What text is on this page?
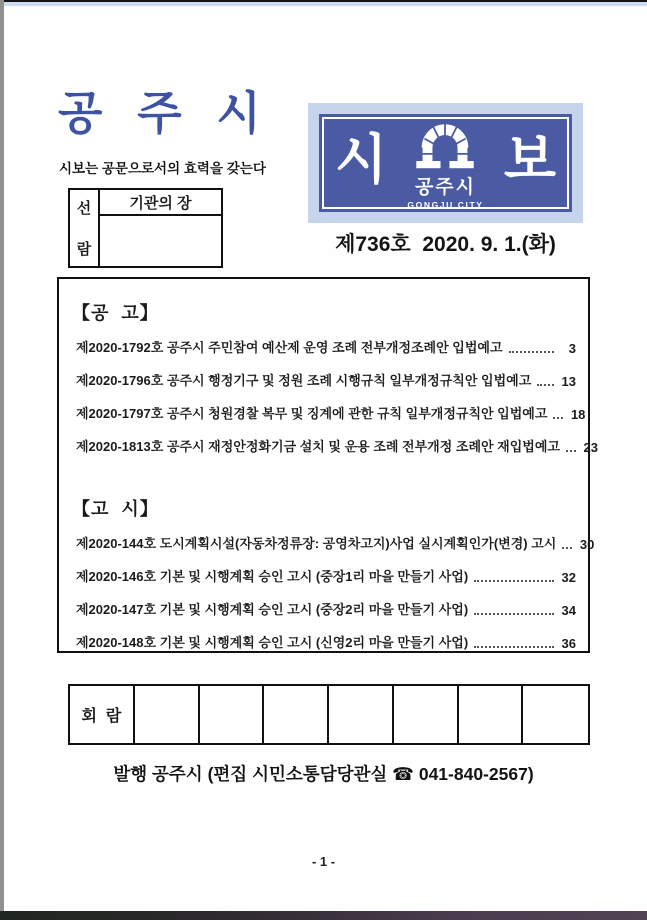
공 주 시
시보는 공문으로서의 효력을 갖는다
선
람
기관의 장
시 공주시
GONGJU CITY
보
제736호  2020. 9. 1.(화)
【공  고】
제2020-1792호 공주시 주민참여 예산제 운영 조례 전부개정조례안 입법예고	3
제2020-1796호 공주시 행정기구 및 정원 조례 시행규칙 일부개정규칙안 입법예고 13
제2020-1797호 공주시 청원경찰 복무 및 징계에 관한 규칙 일부개정규칙안 입법예고 18
제2020-1813호 공주시 재정안정화기금 설치 및 운용 조례 전부개정 조례안 재입법예고 23
【고  시】
제2020-144호 도시계획시설(자동차정류장: 공영차고지)사업 실시계획인가(변경) 고시 30
제2020-146호 기본 및 시행계획 승인 고시 (중장1리 마을 만들기 사업)	32
제2020-147호 기본 및 시행계획 승인 고시 (중장2리 마을 만들기 사업)	34
제2020-148호 기본 및 시행계획 승인 고시 (신영2리 마을 만들기 사업)	36
회  람
발행 공주시 (편집 시민소통담당관실 ☎ 041-840-2567)
- 1 -
